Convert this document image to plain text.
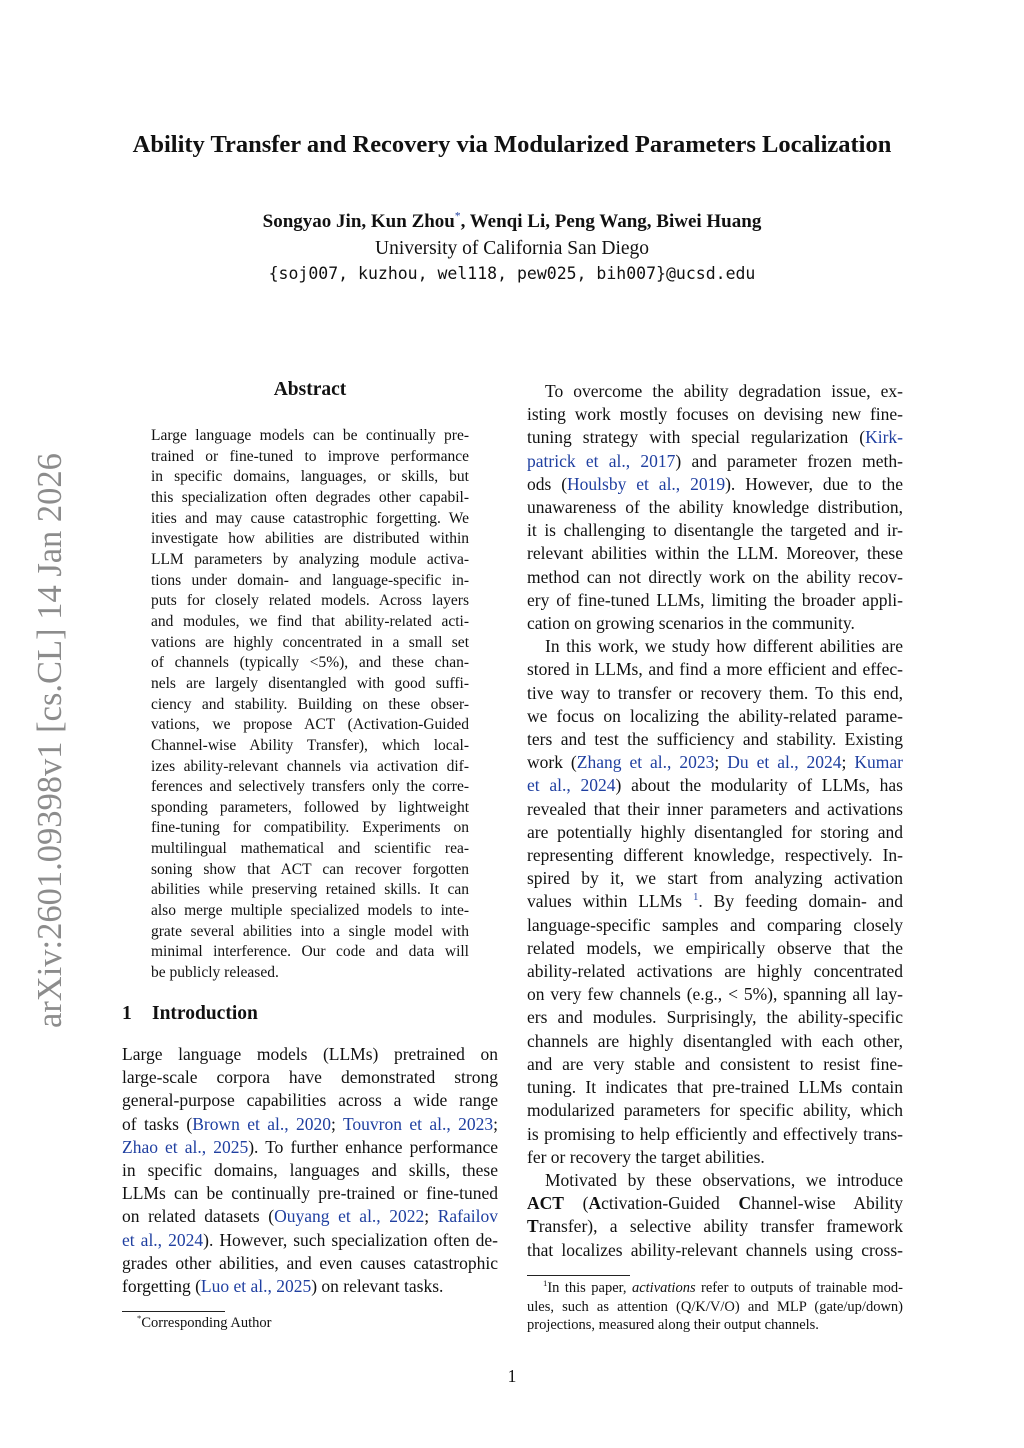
Ability Transfer and Recovery via Modularized Parameters Localization
Songyao Jin, Kun Zhou*, Wenqi Li, Peng Wang, Biwei Huang
University of California San Diego
{soj007, kuzhou, wel118, pew025, bih007}@ucsd.edu
arXiv:2601.09398v1 [cs.CL] 14 Jan 2026
Abstract
Large language models can be continually pre-
trained or fine-tuned to improve performance
in specific domains, languages, or skills, but
this specialization often degrades other capabil-
ities and may cause catastrophic forgetting. We
investigate how abilities are distributed within
LLM parameters by analyzing module activa-
tions under domain- and language-specific in-
puts for closely related models. Across layers
and modules, we find that ability-related acti-
vations are highly concentrated in a small set
of channels (typically <5%), and these chan-
nels are largely disentangled with good suffi-
ciency and stability. Building on these obser-
vations, we propose ACT (Activation-Guided
Channel-wise Ability Transfer), which local-
izes ability-relevant channels via activation dif-
ferences and selectively transfers only the corre-
sponding parameters, followed by lightweight
fine-tuning for compatibility. Experiments on
multilingual mathematical and scientific rea-
soning show that ACT can recover forgotten
abilities while preserving retained skills. It can
also merge multiple specialized models to inte-
grate several abilities into a single model with
minimal interference. Our code and data will
be publicly released.
1 Introduction
Large language models (LLMs) pretrained on
large-scale corpora have demonstrated strong
general-purpose capabilities across a wide range
of tasks (Brown et al., 2020; Touvron et al., 2023;
Zhao et al., 2025). To further enhance performance
in specific domains, languages and skills, these
LLMs can be continually pre-trained or fine-tuned
on related datasets (Ouyang et al., 2022; Rafailov
et al., 2024). However, such specialization often de-
grades other abilities, and even causes catastrophic
forgetting (Luo et al., 2025) on relevant tasks.
*Corresponding Author
To overcome the ability degradation issue, ex-
isting work mostly focuses on devising new fine-
tuning strategy with special regularization (Kirk-
patrick et al., 2017) and parameter frozen meth-
ods (Houlsby et al., 2019). However, due to the
unawareness of the ability knowledge distribution,
it is challenging to disentangle the targeted and ir-
relevant abilities within the LLM. Moreover, these
method can not directly work on the ability recov-
ery of fine-tuned LLMs, limiting the broader appli-
cation on growing scenarios in the community.
In this work, we study how different abilities are
stored in LLMs, and find a more efficient and effec-
tive way to transfer or recovery them. To this end,
we focus on localizing the ability-related parame-
ters and test the sufficiency and stability. Existing
work (Zhang et al., 2023; Du et al., 2024; Kumar
et al., 2024) about the modularity of LLMs, has
revealed that their inner parameters and activations
are potentially highly disentangled for storing and
representing different knowledge, respectively. In-
spired by it, we start from analyzing activation
values within LLMs $^1$. By feeding domain- and
language-specific samples and comparing closely
related models, we empirically observe that the
ability-related activations are highly concentrated
on very few channels (e.g., < 5%), spanning all lay-
ers and modules. Surprisingly, the ability-specific
channels are highly disentangled with each other,
and are very stable and consistent to resist fine-
tuning. It indicates that pre-trained LLMs contain
modularized parameters for specific ability, which
is promising to help efficiently and effectively trans-
fer or recovery the target abilities.
Motivated by these observations, we introduce
ACT (Activation-Guided Channel-wise Ability
Transfer), a selective ability transfer framework
that localizes ability-relevant channels using cross-
$^1$In this paper, activations refer to outputs of trainable mod-
ules, such as attention (Q/K/V/O) and MLP (gate/up/down)
projections, measured along their output channels.
1
